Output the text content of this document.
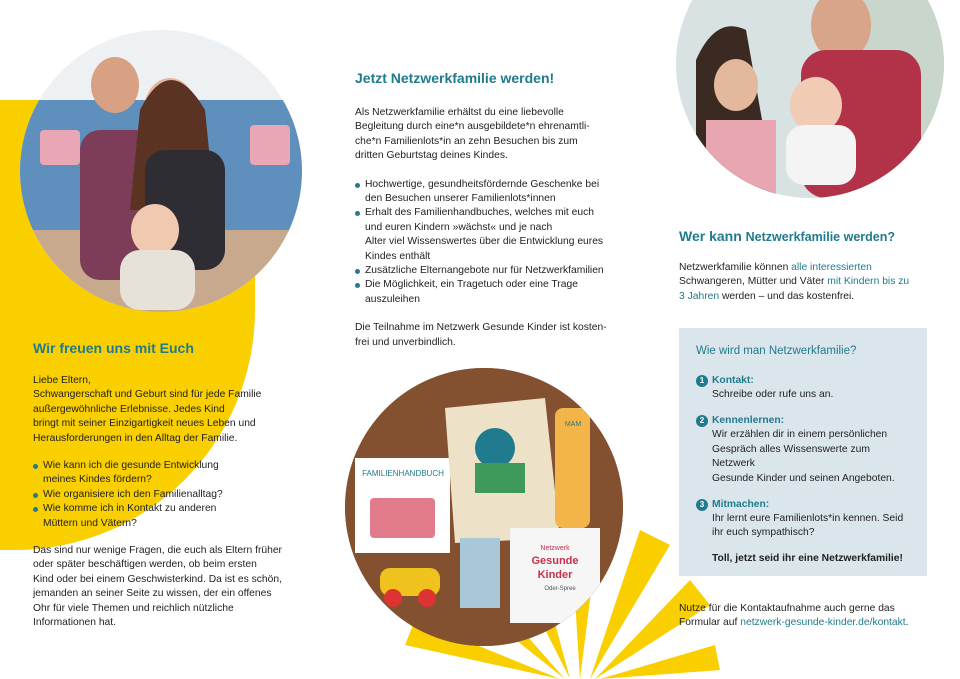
FAMILIENHANDBUCH
MAM
Netzwerk
Gesunde
Kinder
Oder-Spree
Wir freuen uns mit Euch
Liebe Eltern,
Schwangerschaft und Geburt sind für jede Familie
außergewöhnliche Erlebnisse. Jedes Kind
bringt mit seiner Einzigartigkeit neues Leben und
Herausforderungen in den Alltag der Familie.
Wie kann ich die gesunde Entwicklung
meines Kindes fördern?
Wie organisiere ich den Familienalltag?
Wie komme ich in Kontakt zu anderen
Müttern und Vätern?
Das sind nur wenige Fragen, die euch als Eltern früher
oder später beschäftigen werden, ob beim ersten
Kind oder bei einem Geschwisterkind. Da ist es schön,
jemanden an seiner Seite zu wissen, der ein offenes
Ohr für viele Themen und reichlich nützliche
Informationen hat.
Jetzt Netzwerkfamilie werden!
Als Netzwerkfamilie erhältst du eine liebevolle
Begleitung durch eine*n ausgebildete*n ehrenamtli-
che*n Familienlots*in an zehn Besuchen bis zum
dritten Geburtstag deines Kindes.
Hochwertige, gesundheitsfördernde Geschenke bei
den Besuchen unserer Familienlots*innen
Erhalt des Familienhandbuches, welches mit euch
und euren Kindern »wächst« und je nach
Alter viel Wissenswertes über die Entwicklung eures
Kindes enthält
Zusätzliche Elternangebote nur für Netzwerkfamilien
Die Möglichkeit, ein Tragetuch oder eine Trage
auszuleihen
Die Teilnahme im Netzwerk Gesunde Kinder ist kosten-
frei und unverbindlich.
Wer kann Netzwerkfamilie werden?
Netzwerkfamilie können alle interessierten
Schwangeren, Mütter und Väter mit Kindern bis zu
3 Jahren werden – und das kostenfrei.
Wie wird man Netzwerkfamilie?
1 Kontakt:
Schreibe oder rufe uns an.
2 Kennenlernen:
Wir erzählen dir in einem persönlichen
Gespräch alles Wissenswerte zum Netzwerk
Gesunde Kinder und seinen Angeboten.
3 Mitmachen:
Ihr lernt eure Familienlots*in kennen. Seid
ihr euch sympathisch?
Toll, jetzt seid ihr eine Netzwerkfamilie!
Nutze für die Kontaktaufnahme auch gerne das
Formular auf netzwerk-gesunde-kinder.de/kontakt.
